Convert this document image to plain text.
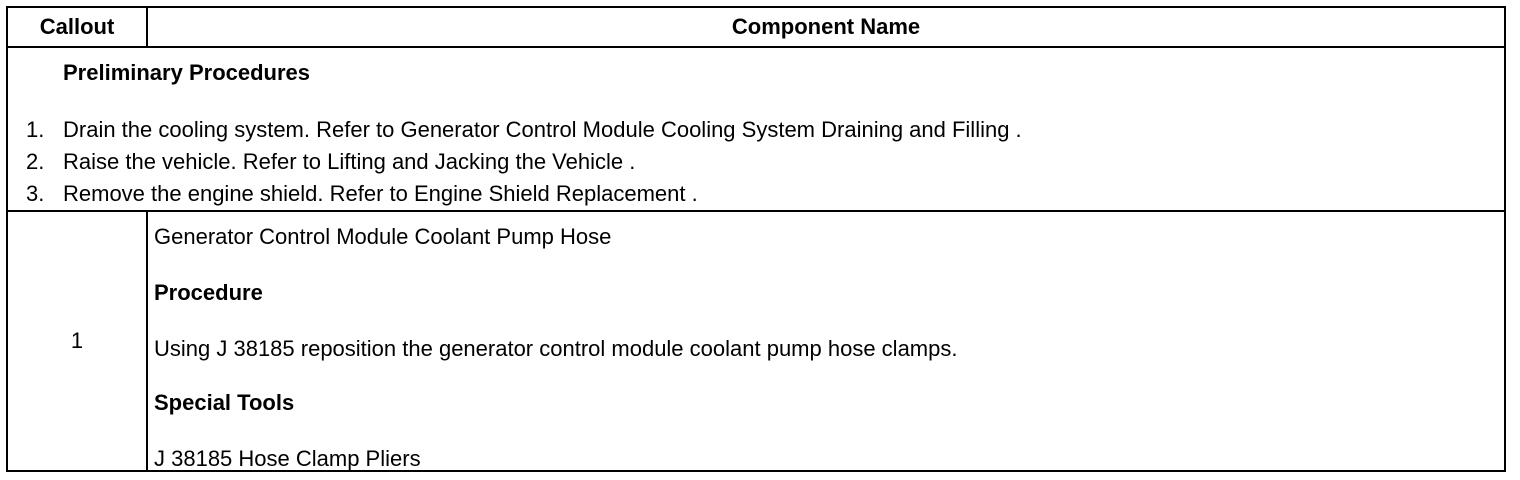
Callout	Component Name
Preliminary Procedures
1. Drain the cooling system. Refer to Generator Control Module Cooling System Draining and Filling .
2. Raise the vehicle. Refer to Lifting and Jacking the Vehicle .
3. Remove the engine shield. Refer to Engine Shield Replacement .
1
Generator Control Module Coolant Pump Hose
Procedure
Using J 38185 reposition the generator control module coolant pump hose clamps.
Special Tools
J 38185 Hose Clamp Pliers
